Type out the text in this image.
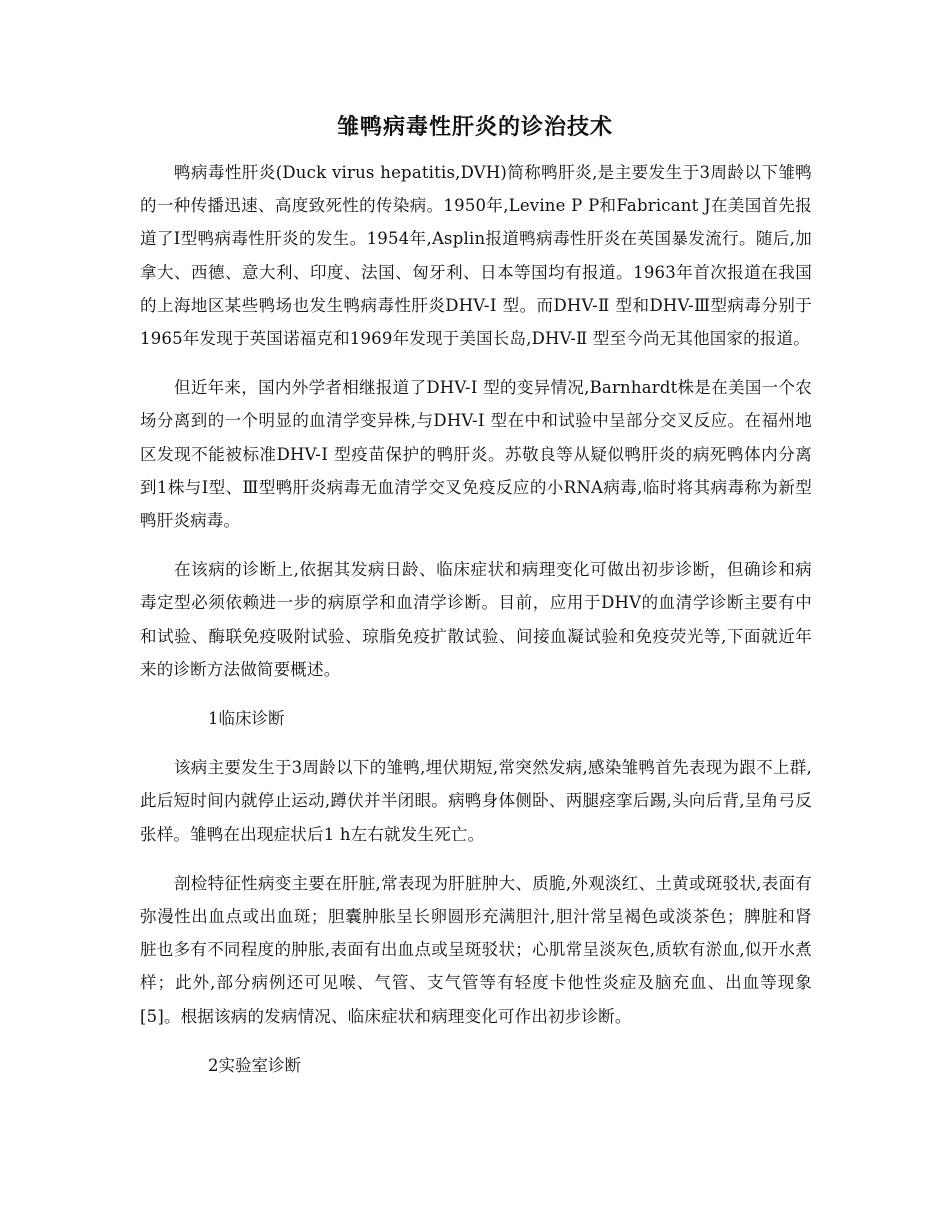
雏鸭病毒性肝炎的诊治技术

鸭病毒性肝炎(Duck virus hepatitis,DVH)简称鸭肝炎,是主要发生于3周龄以下雏鸭的一种传播迅速、高度致死性的传染病。1950年,Levine P P和Fabricant J在美国首先报道了Ⅰ型鸭病毒性肝炎的发生。1954年,Asplin报道鸭病毒性肝炎在英国暴发流行。随后,加拿大、西德、意大利、印度、法国、匈牙利、日本等国均有报道。1963年首次报道在我国的上海地区某些鸭场也发生鸭病毒性肝炎DHV-Ⅰ 型。而DHV-Ⅱ 型和DHV-Ⅲ型病毒分别于1965年发现于英国诺福克和1969年发现于美国长岛,DHV-Ⅱ 型至今尚无其他国家的报道。

但近年来，国内外学者相继报道了DHV-Ⅰ 型的变异情况,Barnhardt株是在美国一个农场分离到的一个明显的血清学变异株,与DHV-Ⅰ 型在中和试验中呈部分交叉反应。在福州地区发现不能被标准DHV-Ⅰ 型疫苗保护的鸭肝炎。苏敬良等从疑似鸭肝炎的病死鸭体内分离到1株与Ⅰ型、Ⅲ型鸭肝炎病毒无血清学交叉免疫反应的小RNA病毒,临时将其病毒称为新型鸭肝炎病毒。

在该病的诊断上,依据其发病日龄、临床症状和病理变化可做出初步诊断，但确诊和病毒定型必须依赖进一步的病原学和血清学诊断。目前，应用于DHV的血清学诊断主要有中和试验、酶联免疫吸附试验、琼脂免疫扩散试验、间接血凝试验和免疫荧光等,下面就近年来的诊断方法做简要概述。

1临床诊断

该病主要发生于3周龄以下的雏鸭,埋伏期短,常突然发病,感染雏鸭首先表现为跟不上群,此后短时间内就停止运动,蹲伏并半闭眼。病鸭身体侧卧、两腿痉挛后踢,头向后背,呈角弓反张样。雏鸭在出现症状后1 h左右就发生死亡。

剖检特征性病变主要在肝脏,常表现为肝脏肿大、质脆,外观淡红、土黄或斑驳状,表面有弥漫性出血点或出血斑；胆囊肿胀呈长卵圆形充满胆汁,胆汁常呈褐色或淡茶色；脾脏和肾脏也多有不同程度的肿胀,表面有出血点或呈斑驳状；心肌常呈淡灰色,质软有淤血,似开水煮样；此外,部分病例还可见喉、气管、支气管等有轻度卡他性炎症及脑充血、出血等现象[5]。根据该病的发病情况、临床症状和病理变化可作出初步诊断。

2实验室诊断
